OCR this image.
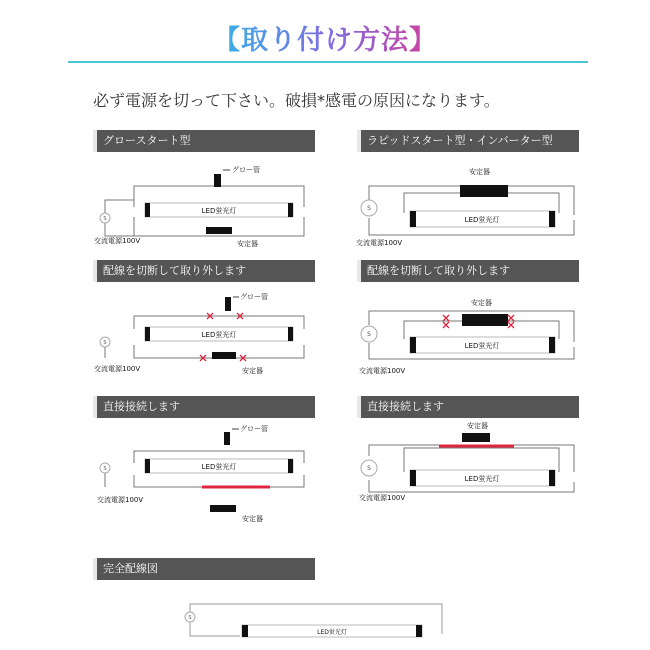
【取り付け方法】
必ず電源を切って下さい。破損*感電の原因になります。
グロースタート型	ラピッドスタート型・インバーター型
配線を切断して取り外します	配線を切断して取り外します
直接接続します	直接接続します
完全配線図
グロー管
LED蛍光灯
安定器
S
交流電源100V
安定器
LED蛍光灯
S
交流電源100V
グロー管
LED蛍光灯
安定器
S
交流電源100V
安定器
LED蛍光灯
S
交流電源100V
グロー管
LED蛍光灯
安定器
S
交流電源100V
安定器
LED蛍光灯
S
交流電源100V
LED蛍光灯
S
